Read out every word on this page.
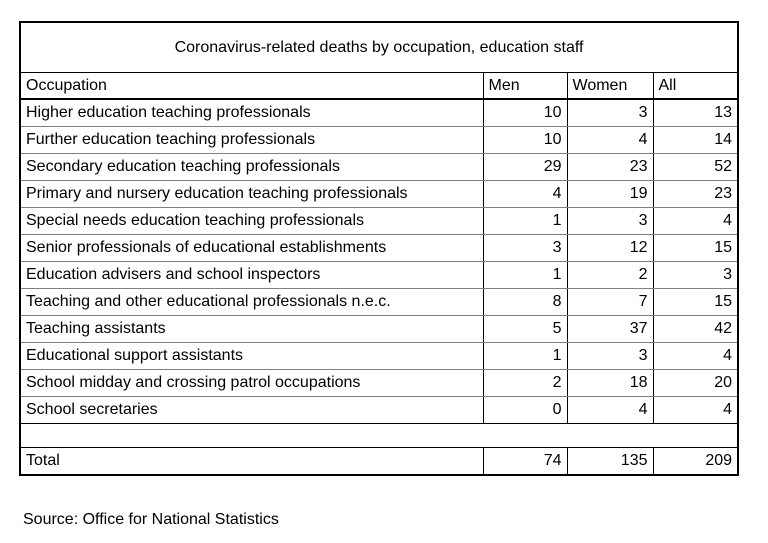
Coronavirus-related deaths by occupation, education staff			
Occupation	Men	Women	All
Higher education teaching professionals	10	3	13
Further education teaching professionals	10	4	14
Secondary education teaching professionals	29	23	52
Primary and nursery education teaching professionals	4	19	23
Special needs education teaching professionals	1	3	4
Senior professionals of educational establishments	3	12	15
Education advisers and school inspectors	1	2	3
Teaching and other educational professionals n.e.c.	8	7	15
Teaching assistants	5	37	42
Educational support assistants	1	3	4
School midday and crossing patrol occupations	2	18	20
School secretaries	0	4	4

Total	74	135	209
Source: Office for National Statistics
